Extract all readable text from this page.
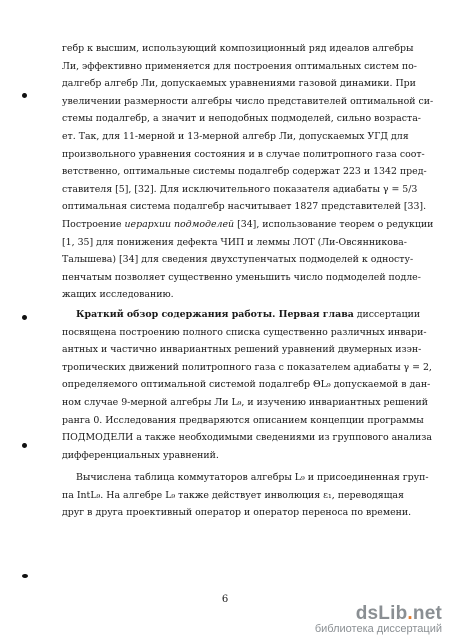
гебр к высшим, использующий композиционный ряд идеалов алгебры
Ли, эффективно применяется для построения оптимальных систем по-
далгебр алгебр Ли, допускаемых уравнениями газовой динамики. При
увеличении размерности алгебры число представителей оптимальной си-
стемы подалгебр, а значит и неподобных подмоделей, сильно возраста-
ет. Так, для 11-мерной и 13-мерной алгебр Ли, допускаемых УГД для
произвольного уравнения состояния и в случае политропного газа соот-
ветственно, оптимальные системы подалгебр содержат 223 и 1342 пред-
ставителя [5], [32]. Для исключительного показателя адиабаты γ = 5/3
оптимальная система подалгебр насчитывает 1827 представителей [33].
Построение иерархии подмоделей [34], использование теорем о редукции
[1, 35] для понижения дефекта ЧИП и леммы ЛОТ (Ли-Овсянникова-
Талышева) [34] для сведения двухступенчатых подмоделей к односту-
пенчатым позволяет существенно уменьшить число подмоделей подле-
жащих исследованию.
Краткий обзор содержания работы. Первая глава диссертации
посвящена построению полного списка существенно различных инвари-
антных и частично инвариантных решений уравнений двумерных изэн-
тропических движений политропного газа с показателем адиабаты γ = 2,
определяемого оптимальной системой подалгебр ΘL₉ допускаемой в дан-
ном случае 9-мерной алгебры Ли L₉, и изучению инвариантных решений
ранга 0. Исследования предваряются описанием концепции программы
ПОДМОДЕЛИ а также необходимыми сведениями из группового анализа
дифференциальных уравнений.
Вычислена таблица коммутаторов алгебры L₉ и присоединенная груп-
па IntL₉. На алгебре L₉ также действует инволюция ε₁, переводящая
друг в друга проективный оператор и оператор переноса по времени.
6
dsLib.net
библиотека диссертаций
